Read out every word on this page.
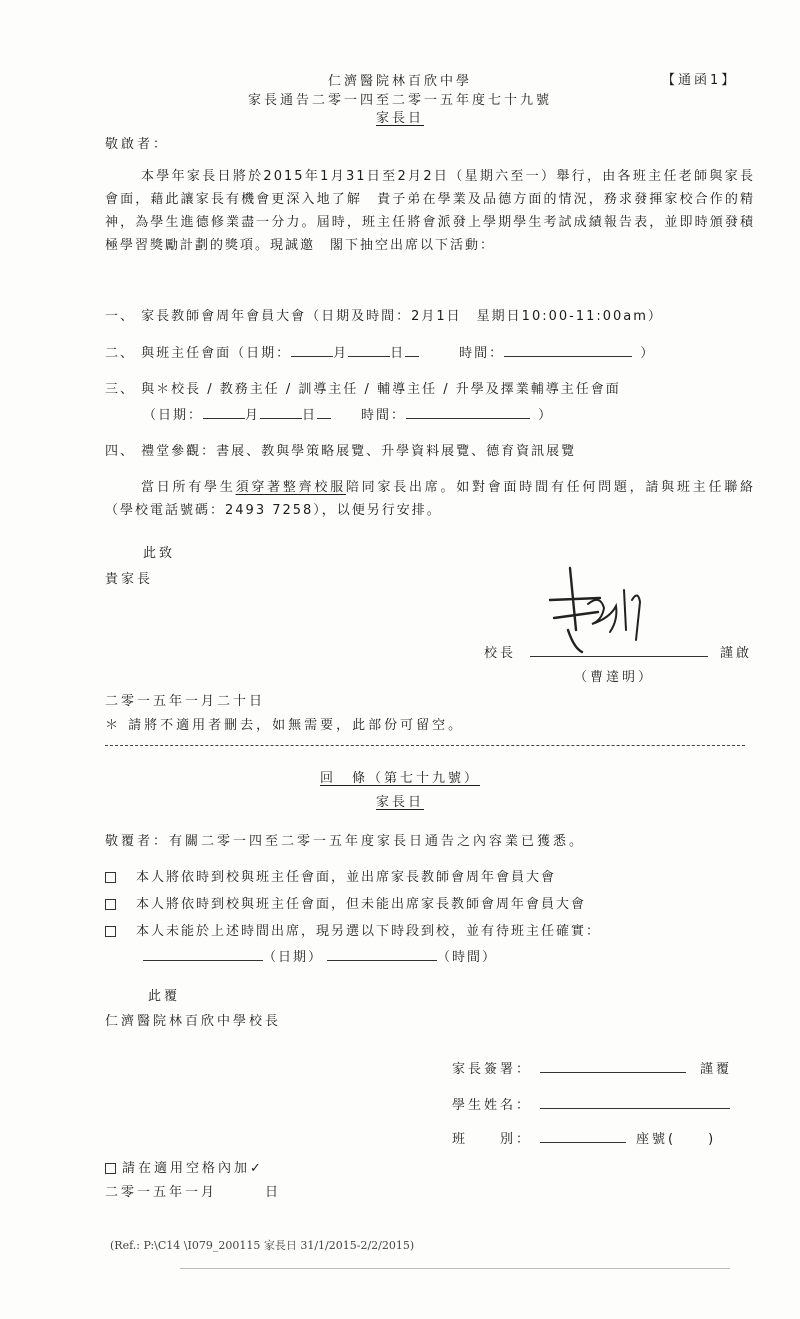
仁濟醫院林百欣中學	【通函1】
家長通告二零一四至二零一五年度七十九號
家長日
敬啟者：
本學年家長日將於2015年1月31日至2月2日（星期六至一）舉行，由各班主任老師與家長會面，藉此讓家長有機會更深入地了解　貴子弟在學業及品德方面的情況，務求發揮家校合作的精神，為學生進德修業盡一分力。屆時，班主任將會派發上學期學生考試成績報告表，並即時頒發積極學習獎勵計劃的獎項。現誠邀　閣下抽空出席以下活動：
一、 家長教師會周年會員大會（日期及時間：2月1日　星期日10:00-11:00am）
二、 與班主任會面（日期：	月	日	時間：	）
三、 與＊校長 / 教務主任 / 訓導主任 / 輔導主任 / 升學及擇業輔導主任會面
（日期：	月	日	時間：	）
四、 禮堂參觀：書展、教與學策略展覽、升學資料展覽、德育資訊展覽
當日所有學生須穿著整齊校服陪同家長出席。如對會面時間有任何問題，請與班主任聯絡（學校電話號碼：2493 7258），以便另行安排。
此致
貴家長
校長	謹啟
（曹達明）
二零一五年一月二十日
＊ 請將不適用者刪去，如無需要，此部份可留空。
回　條（第七十九號）
家長日
敬覆者：有關二零一四至二零一五年度家長日通告之內容業已獲悉。
本人將依時到校與班主任會面，並出席家長教師會周年會員大會
本人將依時到校與班主任會面，但未能出席家長教師會周年會員大會
本人未能於上述時間出席，現另選以下時段到校，並有待班主任確實：
（日期）	（時間）
此覆
仁濟醫院林百欣中學校長
家長簽署：	謹覆
學生姓名：
班　　別：	座號(　　)
請在適用空格內加✓
二零一五年一月　　　日
(Ref.: P:\C14 \I079_200115 家長日 31/1/2015-2/2/2015)
